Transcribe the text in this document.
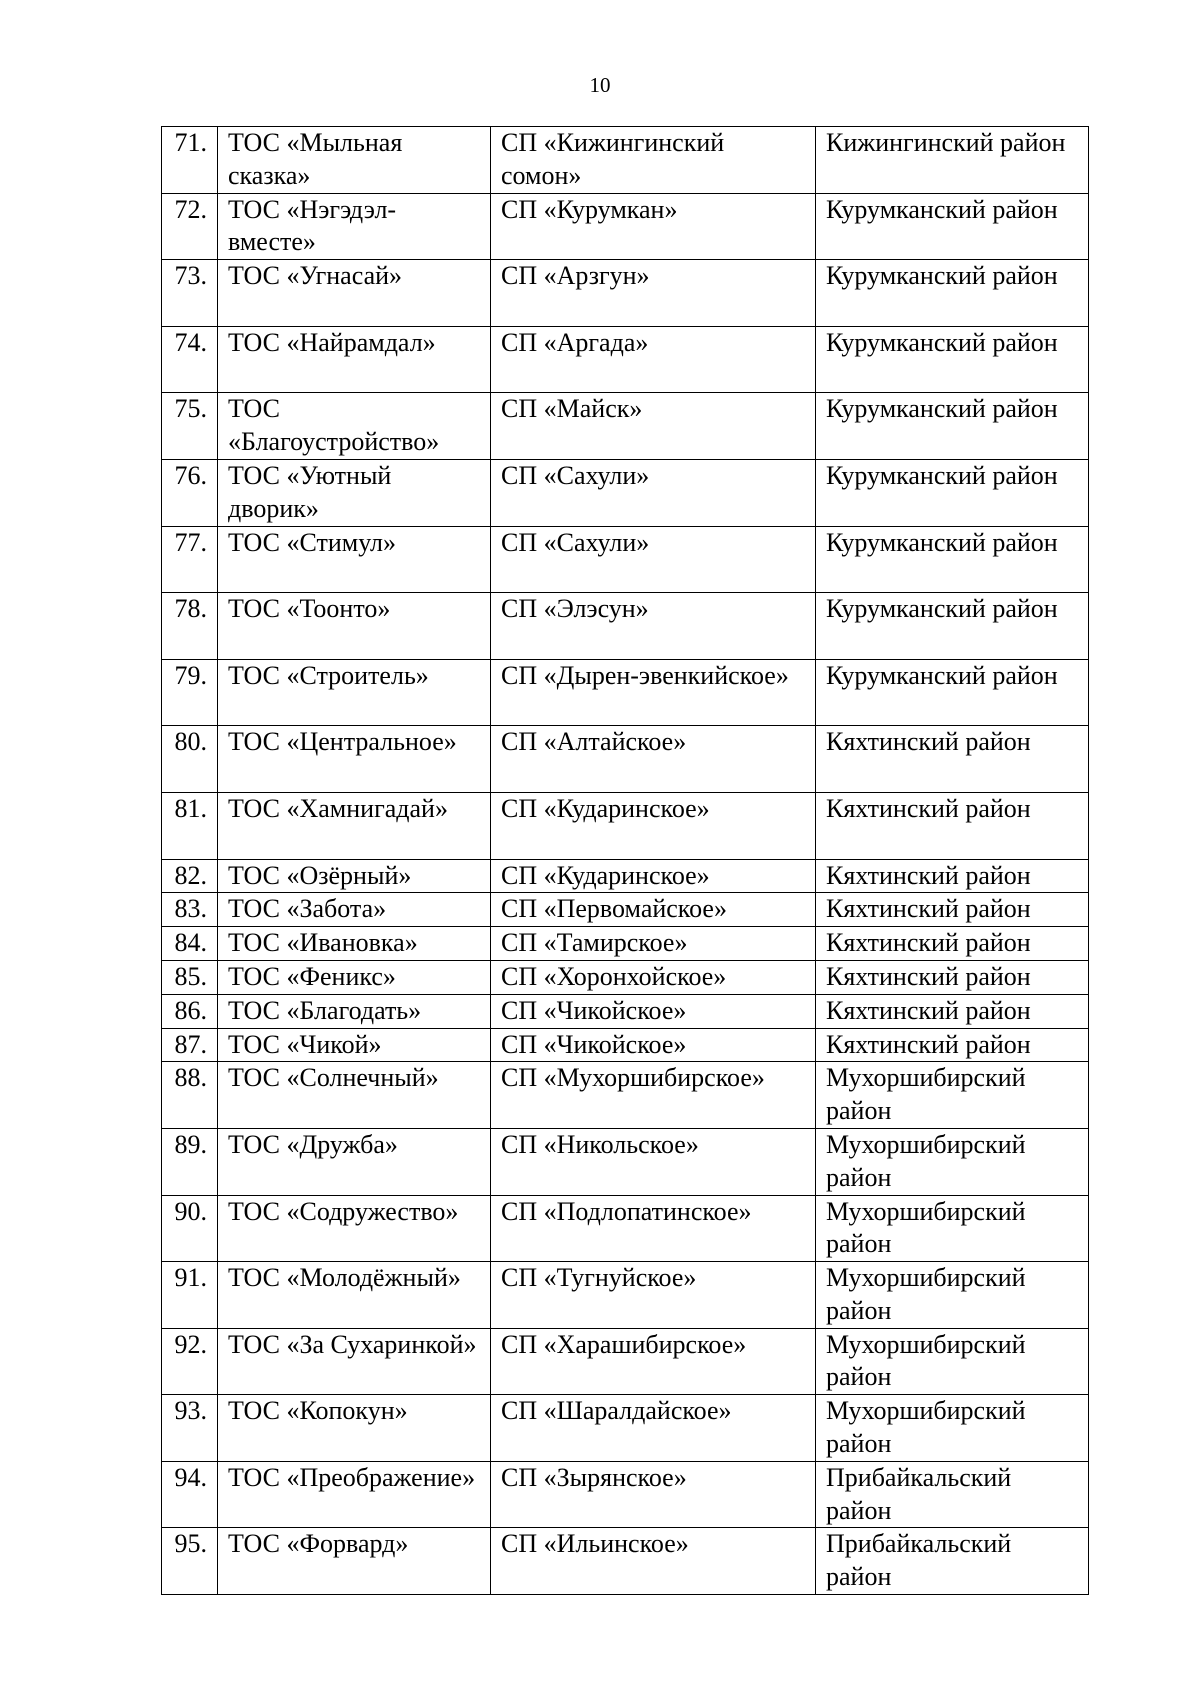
10
71.	ТОС «Мыльная сказка»	СП «Кижингинский сомон»	Кижингинский район
72.	ТОС «Нэгэдэл-вместе»	СП «Курумкан»	Курумканский район
73.	ТОС «Угнасай»	СП «Арзгун»	Курумканский район
74.	ТОС «Найрамдал»	СП «Аргада»	Курумканский район
75.	ТОС «Благоустройство»	СП «Майск»	Курумканский район
76.	ТОС «Уютный дворик»	СП «Сахули»	Курумканский район
77.	ТОС «Стимул»	СП «Сахули»	Курумканский район
78.	ТОС «Тоонто»	СП «Элэсун»	Курумканский район
79.	ТОС «Строитель»	СП «Дырен-эвенкийское»	Курумканский район
80.	ТОС «Центральное»	СП «Алтайское»	Кяхтинский район
81.	ТОС «Хамнигадай»	СП «Кударинское»	Кяхтинский район
82.	ТОС «Озёрный»	СП «Кударинское»	Кяхтинский район
83.	ТОС «Забота»	СП «Первомайское»	Кяхтинский район
84.	ТОС «Ивановка»	СП «Тамирское»	Кяхтинский район
85.	ТОС «Феникс»	СП «Хоронхойское»	Кяхтинский район
86.	ТОС «Благодать»	СП «Чикойское»	Кяхтинский район
87.	ТОС «Чикой»	СП «Чикойское»	Кяхтинский район
88.	ТОС «Солнечный»	СП «Мухоршибирское»	Мухоршибирский район
89.	ТОС «Дружба»	СП «Никольское»	Мухоршибирский район
90.	ТОС «Содружество»	СП «Подлопатинское»	Мухоршибирский район
91.	ТОС «Молодёжный»	СП «Тугнуйское»	Мухоршибирский район
92.	ТОС «За Сухаринкой»	СП «Харашибирское»	Мухоршибирский район
93.	ТОС «Копокун»	СП «Шаралдайское»	Мухоршибирский район
94.	ТОС «Преображение»	СП «Зырянское»	Прибайкальский район
95.	ТОС «Форвард»	СП «Ильинское»	Прибайкальский район
